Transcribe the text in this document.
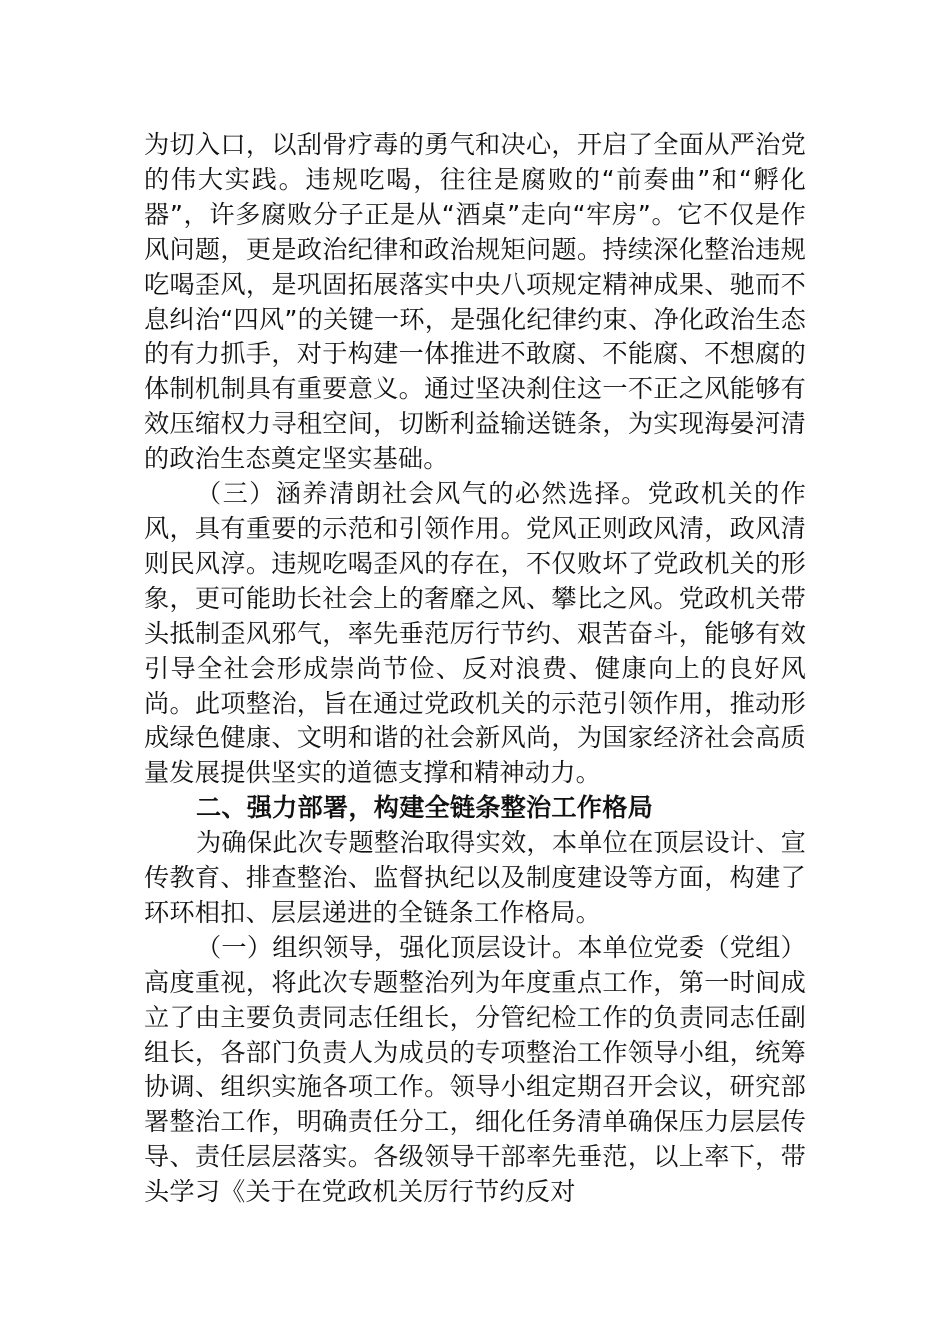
为切入口，以刮骨疗毒的勇气和决心，开启了全面从严治党的伟大实践。违规吃喝，往往是腐败的“前奏曲”和“孵化器”，许多腐败分子正是从“酒桌”走向“牢房”。它不仅是作风问题，更是政治纪律和政治规矩问题。持续深化整治违规吃喝歪风，是巩固拓展落实中央八项规定精神成果、驰而不息纠治“四风”的关键一环，是强化纪律约束、净化政治生态的有力抓手，对于构建一体推进不敢腐、不能腐、不想腐的体制机制具有重要意义。通过坚决刹住这一不正之风能够有效压缩权力寻租空间，切断利益输送链条，为实现海晏河清的政治生态奠定坚实基础。

（三）涵养清朗社会风气的必然选择。党政机关的作风，具有重要的示范和引领作用。党风正则政风清，政风清则民风淳。违规吃喝歪风的存在，不仅败坏了党政机关的形象，更可能助长社会上的奢靡之风、攀比之风。党政机关带头抵制歪风邪气，率先垂范厉行节约、艰苦奋斗，能够有效引导全社会形成崇尚节俭、反对浪费、健康向上的良好风尚。此项整治，旨在通过党政机关的示范引领作用，推动形成绿色健康、文明和谐的社会新风尚，为国家经济社会高质量发展提供坚实的道德支撑和精神动力。

二、强力部署，构建全链条整治工作格局

为确保此次专题整治取得实效，本单位在顶层设计、宣传教育、排查整治、监督执纪以及制度建设等方面，构建了环环相扣、层层递进的全链条工作格局。

（一）组织领导，强化顶层设计。本单位党委（党组）高度重视，将此次专题整治列为年度重点工作，第一时间成立了由主要负责同志任组长，分管纪检工作的负责同志任副组长，各部门负责人为成员的专项整治工作领导小组，统筹协调、组织实施各项工作。领导小组定期召开会议，研究部署整治工作，明确责任分工，细化任务清单确保压力层层传导、责任层层落实。各级领导干部率先垂范，以上率下，带头学习《关于在党政机关厉行节约反对
